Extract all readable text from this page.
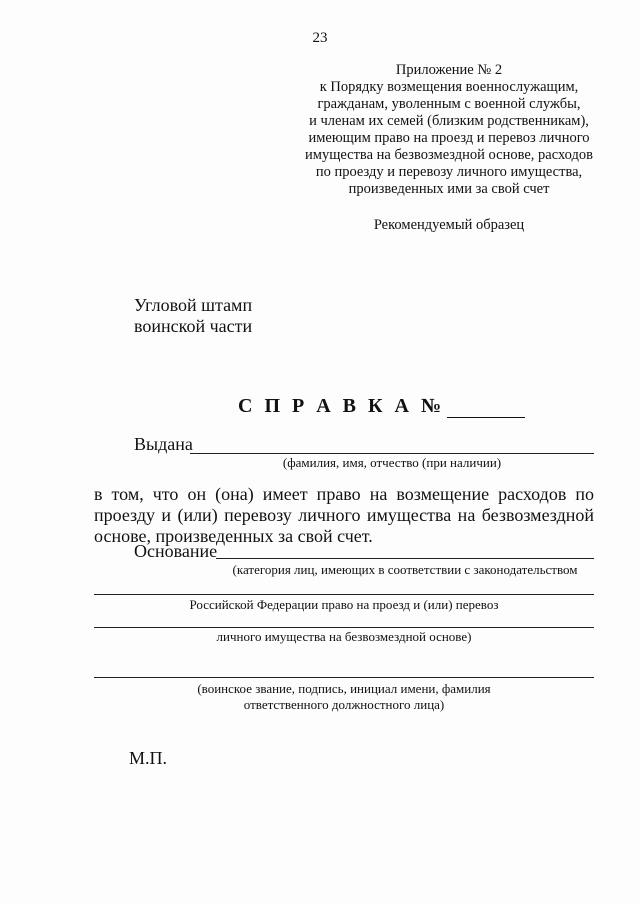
23
Приложение № 2
к Порядку возмещения военнослужащим,
гражданам, уволенным с военной службы,
и членам их семей (близким родственникам),
имеющим право на проезд и перевоз личного
имущества на безвозмездной основе, расходов
по проезду и перевозу личного имущества,
произведенных ими за свой счет
Рекомендуемый образец
Угловой штамп
воинской части
С П Р А В К А №
Выдана
(фамилия, имя, отчество (при наличии)
в том, что он (она) имеет право на возмещение расходов по проезду и (или) перевозу личного имущества на безвозмездной основе, произведенных за свой счет.
Основание
(категория лиц, имеющих в соответствии с законодательством
Российской Федерации право на проезд и (или) перевоз
личного имущества на безвозмездной основе)
(воинское звание, подпись, инициал имени, фамилия
ответственного должностного лица)
М.П.
